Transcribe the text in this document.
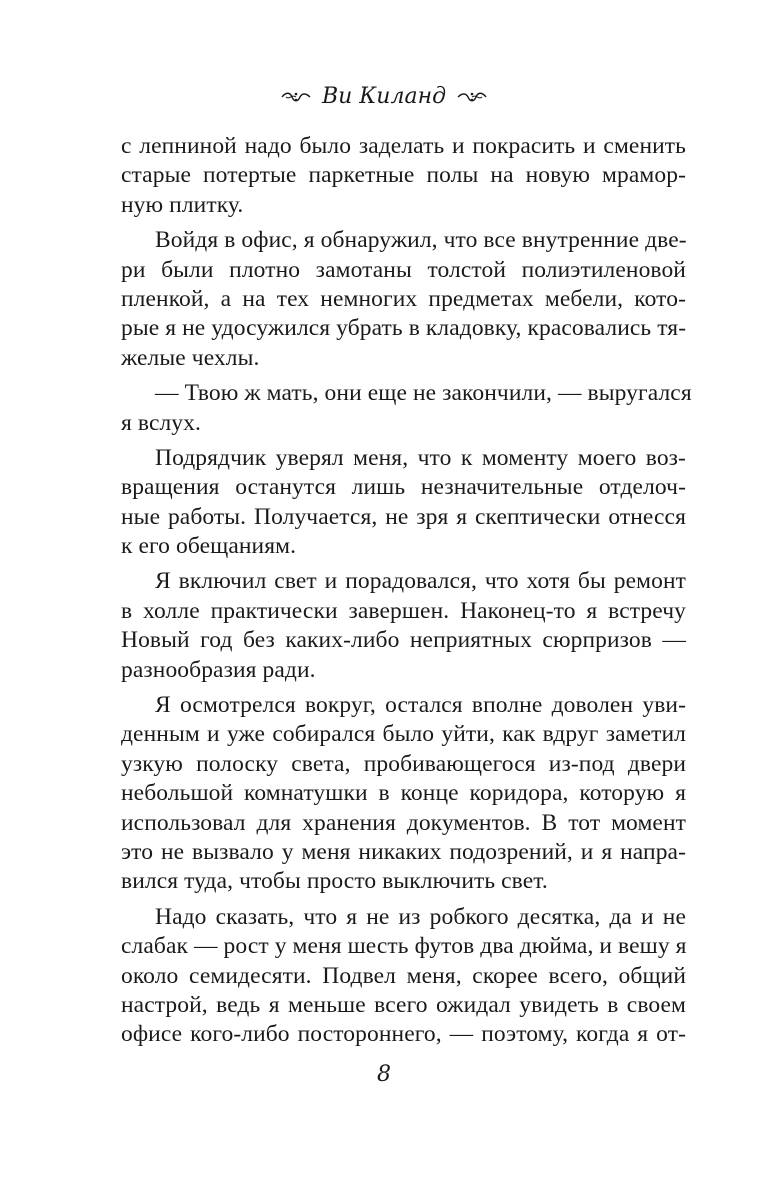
Ви Киланд
с лепниной надо было заделать и покрасить и сменить
старые потертые паркетные полы на новую мрамор-
ную плитку.
Войдя в офис, я обнаружил, что все внутренние две-
ри были плотно замотаны толстой полиэтиленовой
пленкой, а на тех немногих предметах мебели, кото-
рые я не удосужился убрать в кладовку, красовались тя-
желые чехлы.
— Твою ж мать, они еще не закончили, — выругался
я вслух.
Подрядчик уверял меня, что к моменту моего воз-
вращения останутся лишь незначительные отделоч-
ные работы. Получается, не зря я скептически отнесся
к его обещаниям.
Я включил свет и порадовался, что хотя бы ремонт
в холле практически завершен. Наконец-то я встречу
Новый год без каких-либо неприятных сюрпризов —
разнообразия ради.
Я осмотрелся вокруг, остался вполне доволен уви-
денным и уже собирался было уйти, как вдруг заметил
узкую полоску света, пробивающегося из-под двери
небольшой комнатушки в конце коридора, которую я
использовал для хранения документов. В тот момент
это не вызвало у меня никаких подозрений, и я напра-
вился туда, чтобы просто выключить свет.
Надо сказать, что я не из робкого десятка, да и не
слабак — рост у меня шесть футов два дюйма, и вешу я
около семидесяти. Подвел меня, скорее всего, общий
настрой, ведь я меньше всего ожидал увидеть в своем
офисе кого-либо постороннего, — поэтому, когда я от-
8
